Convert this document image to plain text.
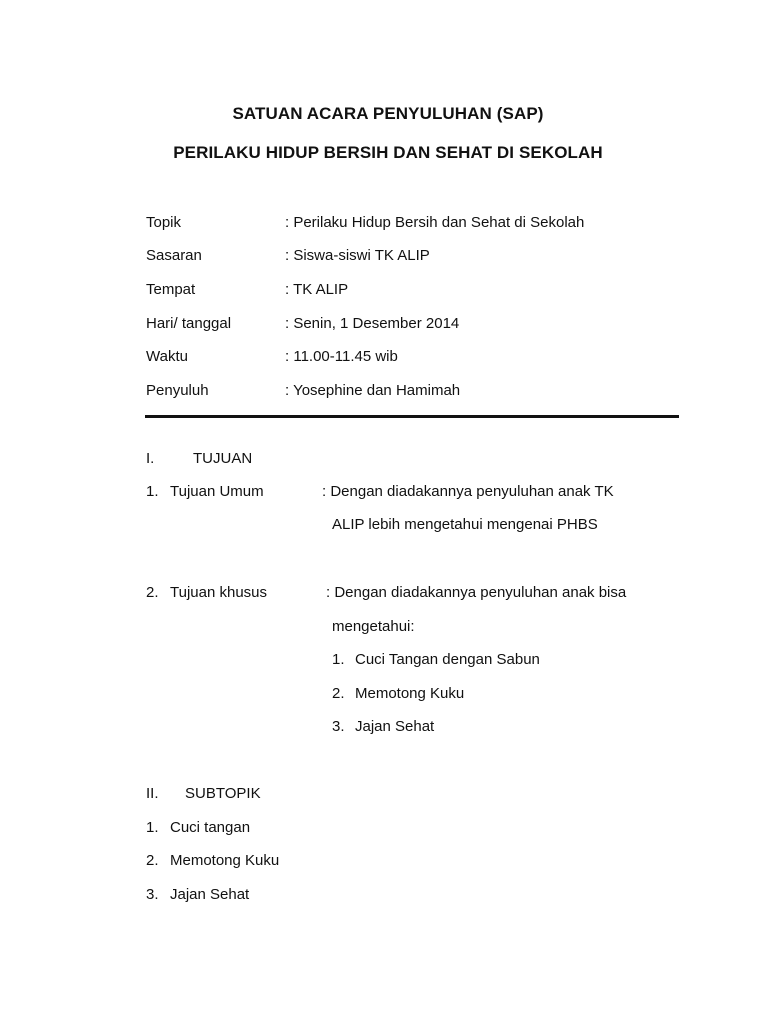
SATUAN ACARA PENYULUHAN (SAP)
PERILAKU HIDUP BERSIH DAN SEHAT DI SEKOLAH
Topik	: Perilaku Hidup Bersih dan Sehat di Sekolah
Sasaran	: Siswa-siswi TK ALIP
Tempat	: TK ALIP
Hari/ tanggal	: Senin, 1 Desember 2014
Waktu	: 11.00-11.45 wib
Penyuluh	: Yosephine dan Hamimah
I.	TUJUAN
1. Tujuan Umum	: Dengan diadakannya penyuluhan anak TK
ALIP lebih mengetahui mengenai PHBS
2. Tujuan khusus	: Dengan diadakannya penyuluhan anak bisa
mengetahui:
1. Cuci Tangan dengan Sabun
2. Memotong Kuku
3. Jajan Sehat
II. SUBTOPIK
1. Cuci tangan
2. Memotong Kuku
3. Jajan Sehat
